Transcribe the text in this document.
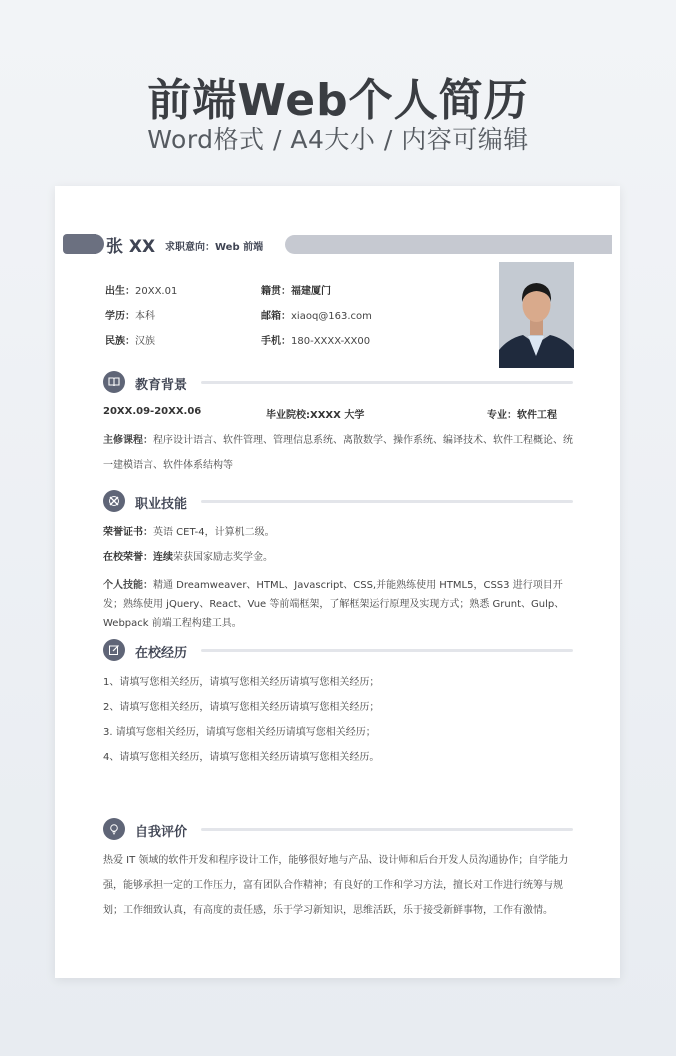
前端Web个人简历
Word格式 / A4大小 / 内容可编辑
张 XX 求职意向：Web 前端
出生：20XX.01	籍贯：福建厦门
学历：本科	邮箱：xiaoq@163.com
民族：汉族	手机：180-XXXX-XX00
教育背景
20XX.09-20XX.06	毕业院校:XXXX 大学	专业：软件工程
主修课程：程序设计语言、软件管理、管理信息系统、离散数学、操作系统、编译技术、软件工程概论、统一建模语言、软件体系结构等
职业技能
荣誉证书：英语 CET-4，计算机二级。
在校荣誉：连续荣获国家励志奖学金。
个人技能：精通 Dreamweaver、HTML、Javascript、CSS,并能熟练使用 HTML5，CSS3 进行项目开发；熟练使用 jQuery、React、Vue 等前端框架，了解框架运行原理及实现方式；熟悉 Grunt、Gulp、Webpack 前端工程构建工具。
在校经历
1、请填写您相关经历，请填写您相关经历请填写您相关经历；
2、请填写您相关经历，请填写您相关经历请填写您相关经历；
3. 请填写您相关经历，请填写您相关经历请填写您相关经历；
4、请填写您相关经历，请填写您相关经历请填写您相关经历。
自我评价
热爱 IT 领域的软件开发和程序设计工作，能够很好地与产品、设计师和后台开发人员沟通协作；自学能力强，能够承担一定的工作压力，富有团队合作精神；有良好的工作和学习方法，擅长对工作进行统筹与规划；工作细致认真，有高度的责任感，乐于学习新知识，思维活跃，乐于接受新鲜事物，工作有激情。
